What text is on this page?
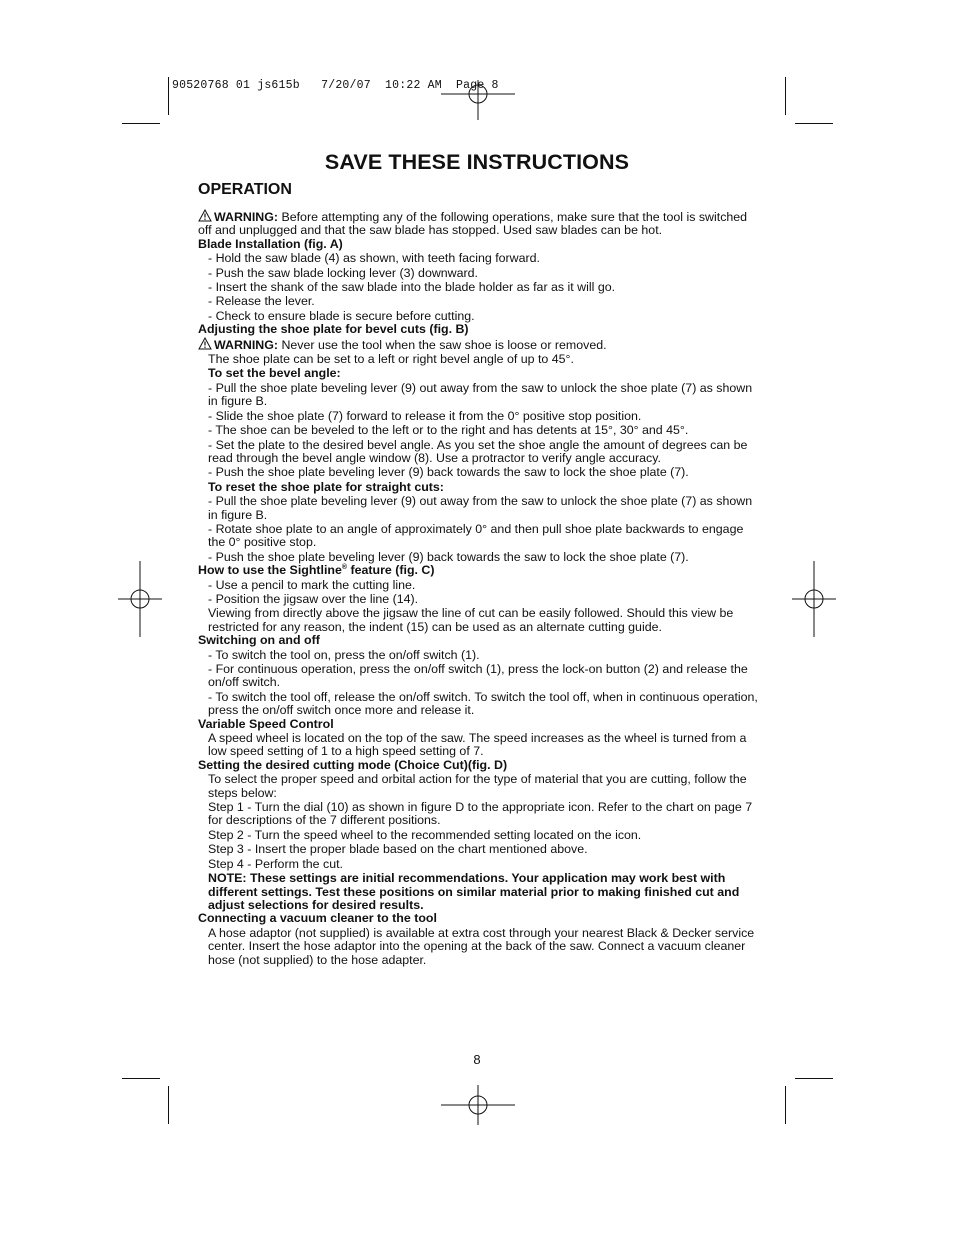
90520768 01 js615b   7/20/07  10:22 AM  Page 8
SAVE THESE INSTRUCTIONS
OPERATION

WARNING: Before attempting any of the following operations, make sure that the tool is switched off and unplugged and that the saw blade has stopped. Used saw blades can be hot.

Blade Installation (fig. A)

- Hold the saw blade (4) as shown, with teeth facing forward.

- Push the saw blade locking lever (3) downward.

- Insert the shank of the saw blade into the blade holder as far as it will go.

- Release the lever.

- Check to ensure blade is secure before cutting.

Adjusting the shoe plate for bevel cuts (fig. B)

WARNING: Never use the tool when the saw shoe is loose or removed.

The shoe plate can be set to a left or right bevel angle of up to 45°.

To set the bevel angle:

- Pull the shoe plate beveling lever (9) out away from the saw to unlock the shoe plate (7) as shown in figure B.

- Slide the shoe plate (7) forward to release it from the 0° positive stop position.

- The shoe can be beveled to the left or to the right and has detents at 15°, 30° and 45°.

- Set the plate to the desired bevel angle. As you set the shoe angle the amount of degrees can be read through the bevel angle window (8). Use a protractor to verify angle accuracy.

- Push the shoe plate beveling lever (9) back towards the saw to lock the shoe plate (7).

To reset the shoe plate for straight cuts:

- Pull the shoe plate beveling lever (9) out away from the saw to unlock the shoe plate (7) as shown in figure B.

- Rotate shoe plate to an angle of approximately 0° and then pull shoe plate backwards to engage the 0° positive stop.

- Push the shoe plate beveling lever (9) back towards the saw to lock the shoe plate (7).

How to use the Sightline® feature (fig. C)

- Use a pencil to mark the cutting line.

- Position the jigsaw over the line (14).

Viewing from directly above the jigsaw the line of cut can be easily followed. Should this view be restricted for any reason, the indent (15) can be used as an alternate cutting guide.

Switching on and off

- To switch the tool on, press the on/off switch (1).

- For continuous operation, press the on/off switch (1), press the lock-on button (2) and release the on/off switch.

- To switch the tool off, release the on/off switch. To switch the tool off, when in continuous operation, press the on/off switch once more and release it.

Variable Speed Control

A speed wheel is located on the top of the saw. The speed increases as the wheel is turned from a low speed setting of 1 to a high speed setting of 7.

Setting the desired cutting mode (Choice Cut)(fig. D)

To select the proper speed and orbital action for the type of material that you are cutting, follow the steps below:

Step 1 - Turn the dial (10) as shown in figure D to the appropriate icon. Refer to the chart on page 7 for descriptions of the 7 different positions.

Step 2 - Turn the speed wheel to the recommended setting located on the icon.

Step 3 - Insert the proper blade based on the chart mentioned above.

Step 4 - Perform the cut.

NOTE: These settings are initial recommendations. Your application may work best with different settings. Test these positions on similar material prior to making finished cut and adjust selections for desired results.

Connecting a vacuum cleaner to the tool

A hose adaptor (not supplied) is available at extra cost through your nearest Black & Decker service center. Insert the hose adaptor into the opening at the back of the saw. Connect a vacuum cleaner hose (not supplied) to the hose adapter.

8
